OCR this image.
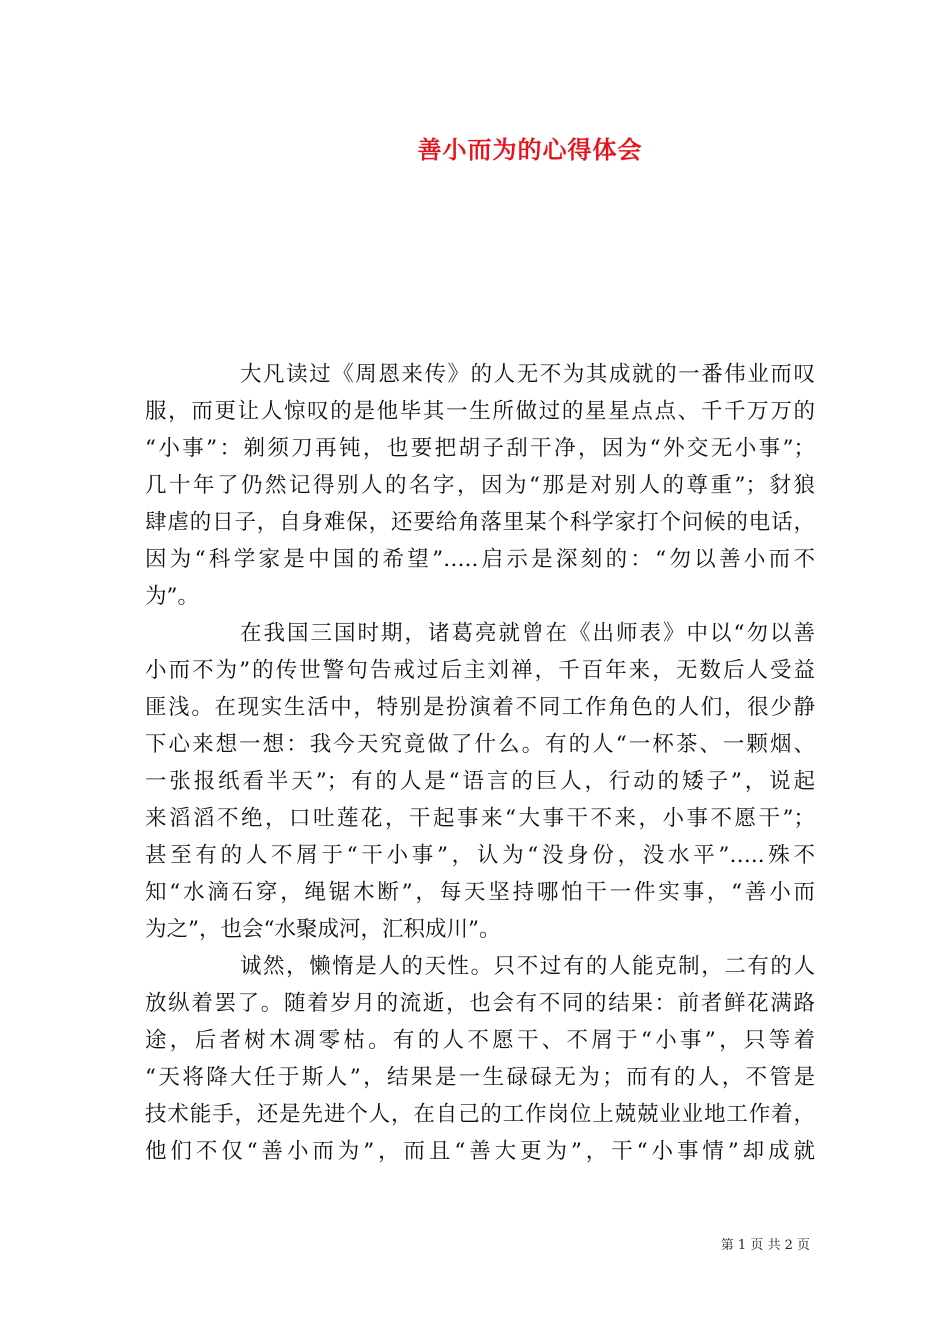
善小而为的心得体会

大凡读过《周恩来传》的人无不为其成就的一番伟业而叹
服，而更让人惊叹的是他毕其一生所做过的星星点点、千千万万的
“小事”：剃须刀再钝，也要把胡子刮干净，因为“外交无小事”；
几十年了仍然记得别人的名字，因为“那是对别人的尊重”；豺狼
肆虐的日子，自身难保，还要给角落里某个科学家打个问候的电话，
因为“科学家是中国的希望”…..启示是深刻的：“勿以善小而不
为”。

在我国三国时期，诸葛亮就曾在《出师表》中以“勿以善
小而不为”的传世警句告戒过后主刘禅，千百年来，无数后人受益
匪浅。在现实生活中，特别是扮演着不同工作角色的人们，很少静
下心来想一想：我今天究竟做了什么。有的人“一杯茶、一颗烟、
一张报纸看半天”；有的人是“语言的巨人，行动的矮子”，说起
来滔滔不绝，口吐莲花，干起事来“大事干不来，小事不愿干”；
甚至有的人不屑于“干小事”，认为“没身份，没水平”…..殊不
知“水滴石穿，绳锯木断”，每天坚持哪怕干一件实事，“善小而
为之”，也会“水聚成河，汇积成川”。

诚然，懒惰是人的天性。只不过有的人能克制，二有的人
放纵着罢了。随着岁月的流逝，也会有不同的结果：前者鲜花满路
途，后者树木凋零枯。有的人不愿干、不屑于“小事”，只等着
“天将降大任于斯人”，结果是一生碌碌无为；而有的人，不管是
技术能手，还是先进个人，在自己的工作岗位上兢兢业业地工作着，
他们不仅“善小而为”，而且“善大更为”，干“小事情”却成就

第 1 页 共 2 页
